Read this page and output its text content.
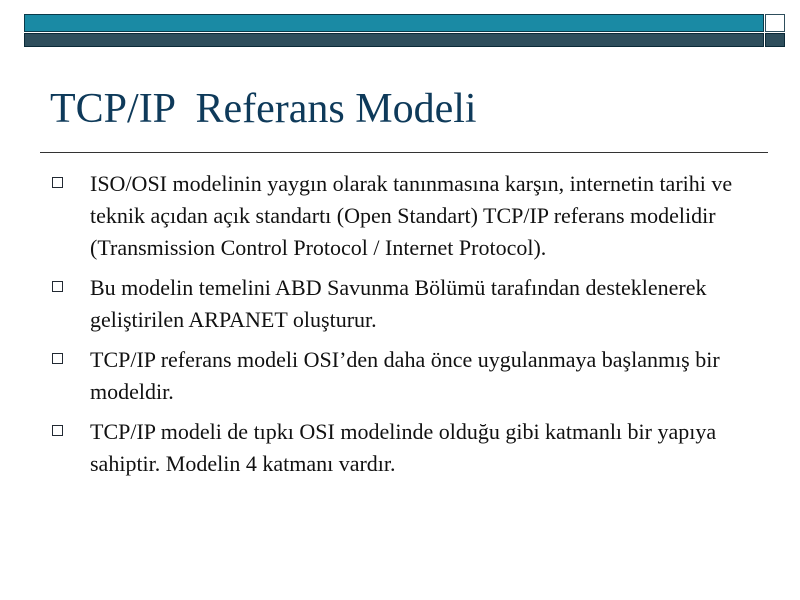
TCP/IP  Referans Modeli
ISO/OSI modelinin yaygın olarak tanınmasına karşın, internetin tarihi ve teknik açıdan açık standartı (Open Standart) TCP/IP referans modelidir (Transmission Control Protocol / Internet Protocol).
Bu modelin temelini ABD Savunma Bölümü tarafından desteklenerek geliştirilen ARPANET oluşturur.
TCP/IP referans modeli OSI’den daha önce uygulanmaya başlanmış bir modeldir.
TCP/IP modeli de tıpkı OSI modelinde olduğu gibi katmanlı bir yapıya sahiptir. Modelin 4 katmanı vardır.
